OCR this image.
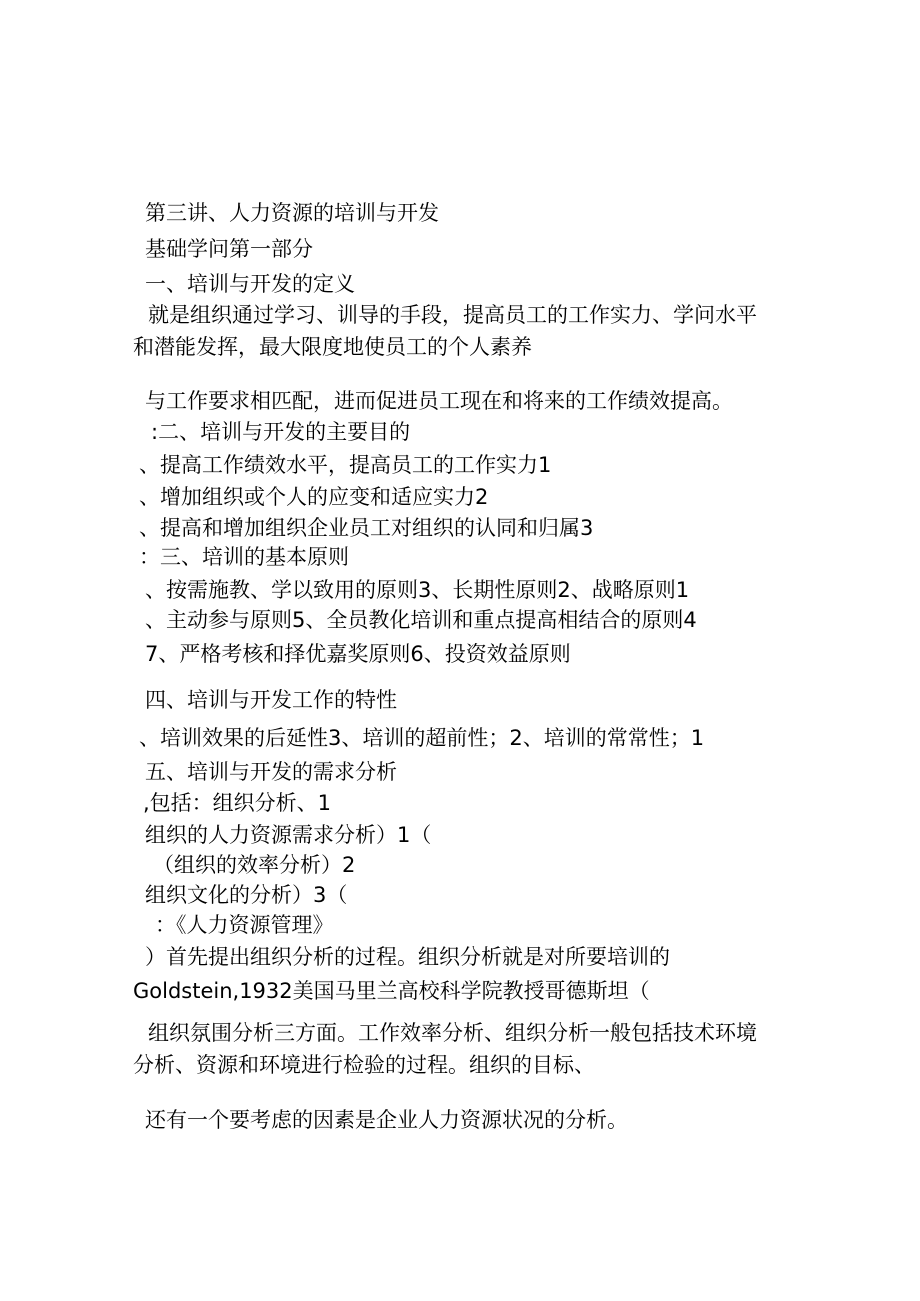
第三讲、人力资源的培训与开发

基础学问第一部分

一、培训与开发的定义

就是组织通过学习、训导的手段，提高员工的工作实力、学问水平

和潜能发挥，最大限度地使员工的个人素养

与工作要求相匹配，进而促进员工现在和将来的工作绩效提高。

:二、培训与开发的主要目的

、提高工作绩效水平，提高员工的工作实力1

、增加组织或个人的应变和适应实力2

、提高和增加组织企业员工对组织的认同和归属3

：三、培训的基本原则

、按需施教、学以致用的原则3、长期性原则2、战略原则1

、主动参与原则5、全员教化培训和重点提高相结合的原则4

7、严格考核和择优嘉奖原则6、投资效益原则

四、培训与开发工作的特性

、培训效果的后延性3、培训的超前性；2、培训的常常性；1

五、培训与开发的需求分析

,包括：组织分析、1

组织的人力资源需求分析）1（

（组织的效率分析）2

组织文化的分析）3（

：《人力资源管理》

）首先提出组织分析的过程。组织分析就是对所要培训的

Goldstein,1932美国马里兰高校科学院教授哥德斯坦（

组织氛围分析三方面。工作效率分析、组织分析一般包括技术环境

分析、资源和环境进行检验的过程。组织的目标、

还有一个要考虑的因素是企业人力资源状况的分析。
